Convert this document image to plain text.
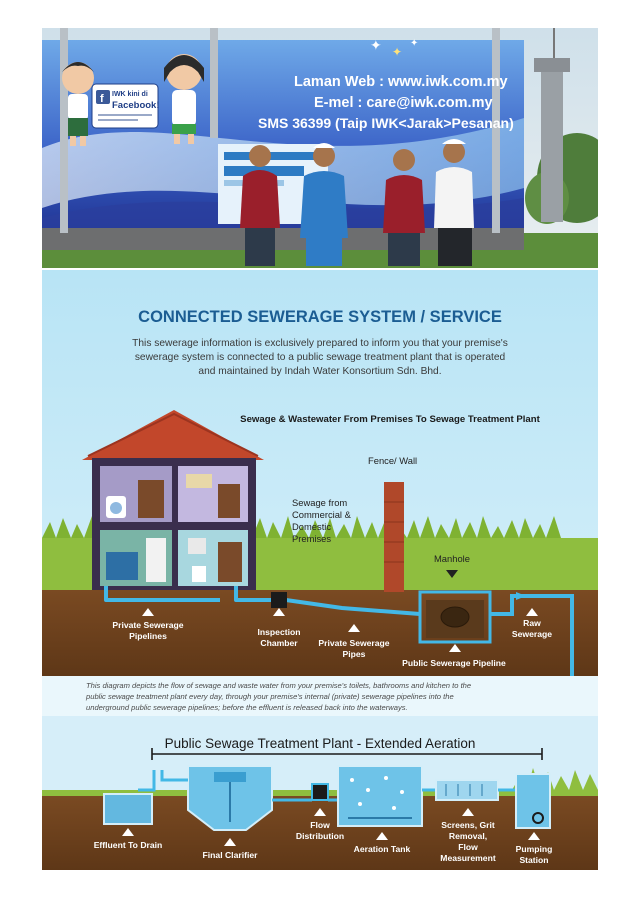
✦ ✦
✦
f IWK kini di
Facebook!
Laman Web : www.iwk.com.my
E-mel : care@iwk.com.my
SMS 36399 (Taip IWK<Jarak>Pesanan)
CONNECTED SEWERAGE SYSTEM / SERVICE
This sewerage information is exclusively prepared to inform you that your premise's
sewerage system is connected to a public sewage treatment plant that is operated
and maintained by Indah Water Konsortium Sdn. Bhd.
Sewage & Wastewater From Premises To Sewage Treatment Plant
Fence/ Wall
Sewage from
Commercial &
Domestic
Premises
Manhole
Private Sewerage
Pipelines	Inspection
Chamber Private Sewerage
Pipes
Public Sewerage Pipeline
Raw
Sewerage
This diagram depicts the flow of sewage and waste water from your premise's toilets, bathrooms and kitchen to the
public sewage treatment plant every day, through your premise's internal (private) sewerage pipelines into the
underground public sewerage pipelines; before the effluent is released back into the waterways.
Public Sewage Treatment Plant - Extended Aeration
Effluent To Drain
Final Clarifier
Flow
Distribution
Aeration Tank
Screens, Grit
Removal,
Flow
Measurement
Pumping
Station
